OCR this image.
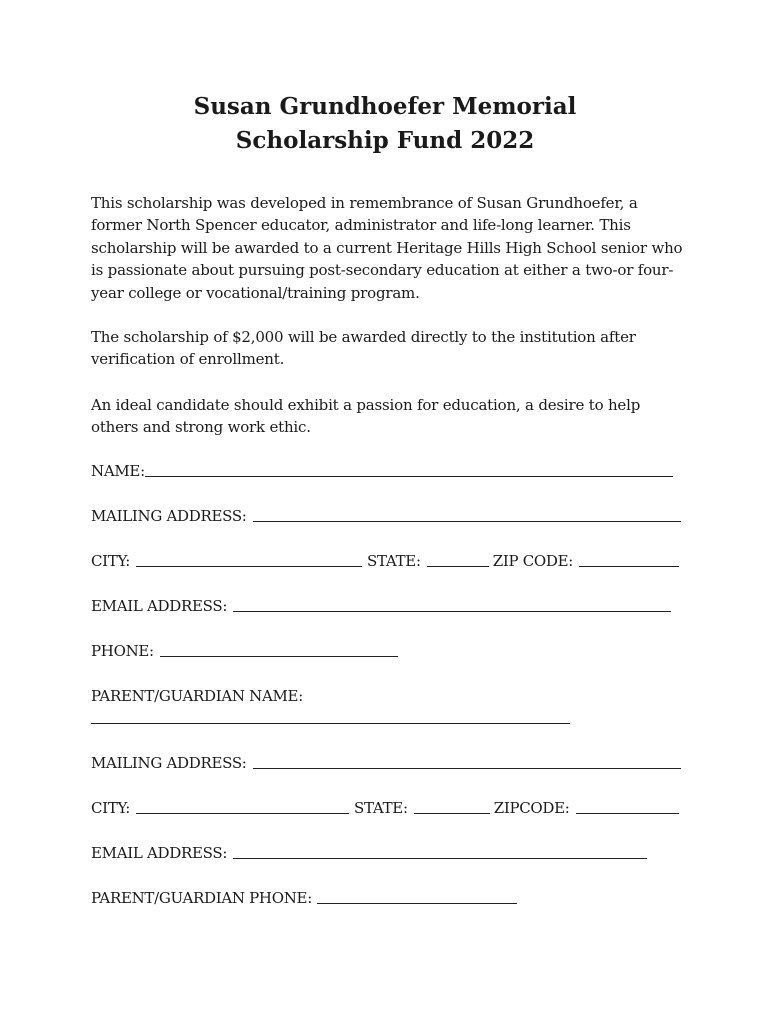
Susan Grundhoefer Memorial
Scholarship Fund 2022
This scholarship was developed in remembrance of Susan Grundhoefer, a former North Spencer educator, administrator and life-long learner. This scholarship will be awarded to a current Heritage Hills High School senior who is passionate about pursuing post-secondary education at either a two-or four-year college or vocational/training program.
The scholarship of $2,000 will be awarded directly to the institution after verification of enrollment.
An ideal candidate should exhibit a passion for education, a desire to help others and strong work ethic.
NAME:
MAILING ADDRESS:
CITY:	STATE:	ZIP CODE:
EMAIL ADDRESS:
PHONE:
PARENT/GUARDIAN NAME:
MAILING ADDRESS:
CITY:	STATE:	ZIPCODE:
EMAIL ADDRESS:
PARENT/GUARDIAN PHONE:
